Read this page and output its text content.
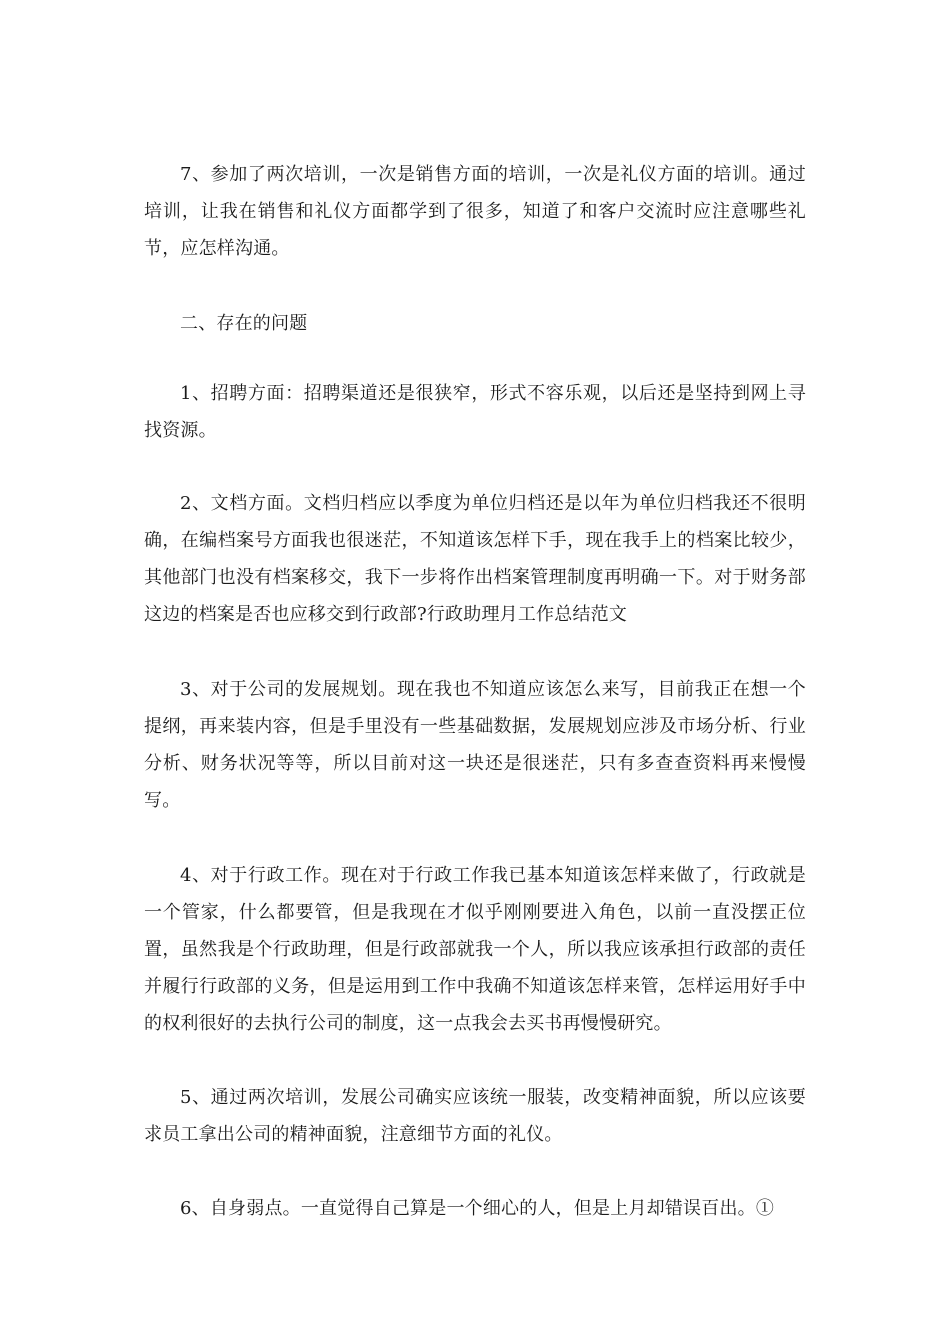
7、参加了两次培训，一次是销售方面的培训，一次是礼仪方面的培训。通过培训，让我在销售和礼仪方面都学到了很多，知道了和客户交流时应注意哪些礼节，应怎样沟通。

二、存在的问题

1、招聘方面：招聘渠道还是很狭窄，形式不容乐观，以后还是坚持到网上寻找资源。

2、文档方面。文档归档应以季度为单位归档还是以年为单位归档我还不很明确，在编档案号方面我也很迷茫，不知道该怎样下手，现在我手上的档案比较少，其他部门也没有档案移交，我下一步将作出档案管理制度再明确一下。对于财务部这边的档案是否也应移交到行政部?行政助理月工作总结范文

3、对于公司的发展规划。现在我也不知道应该怎么来写，目前我正在想一个提纲，再来装内容，但是手里没有一些基础数据，发展规划应涉及市场分析、行业分析、财务状况等等，所以目前对这一块还是很迷茫，只有多查查资料再来慢慢写。

4、对于行政工作。现在对于行政工作我已基本知道该怎样来做了，行政就是一个管家，什么都要管，但是我现在才似乎刚刚要进入角色，以前一直没摆正位置，虽然我是个行政助理，但是行政部就我一个人，所以我应该承担行政部的责任并履行行政部的义务，但是运用到工作中我确不知道该怎样来管，怎样运用好手中的权利很好的去执行公司的制度，这一点我会去买书再慢慢研究。

5、通过两次培训，发展公司确实应该统一服装，改变精神面貌，所以应该要求员工拿出公司的精神面貌，注意细节方面的礼仪。

6、自身弱点。一直觉得自己算是一个细心的人，但是上月却错误百出。①
